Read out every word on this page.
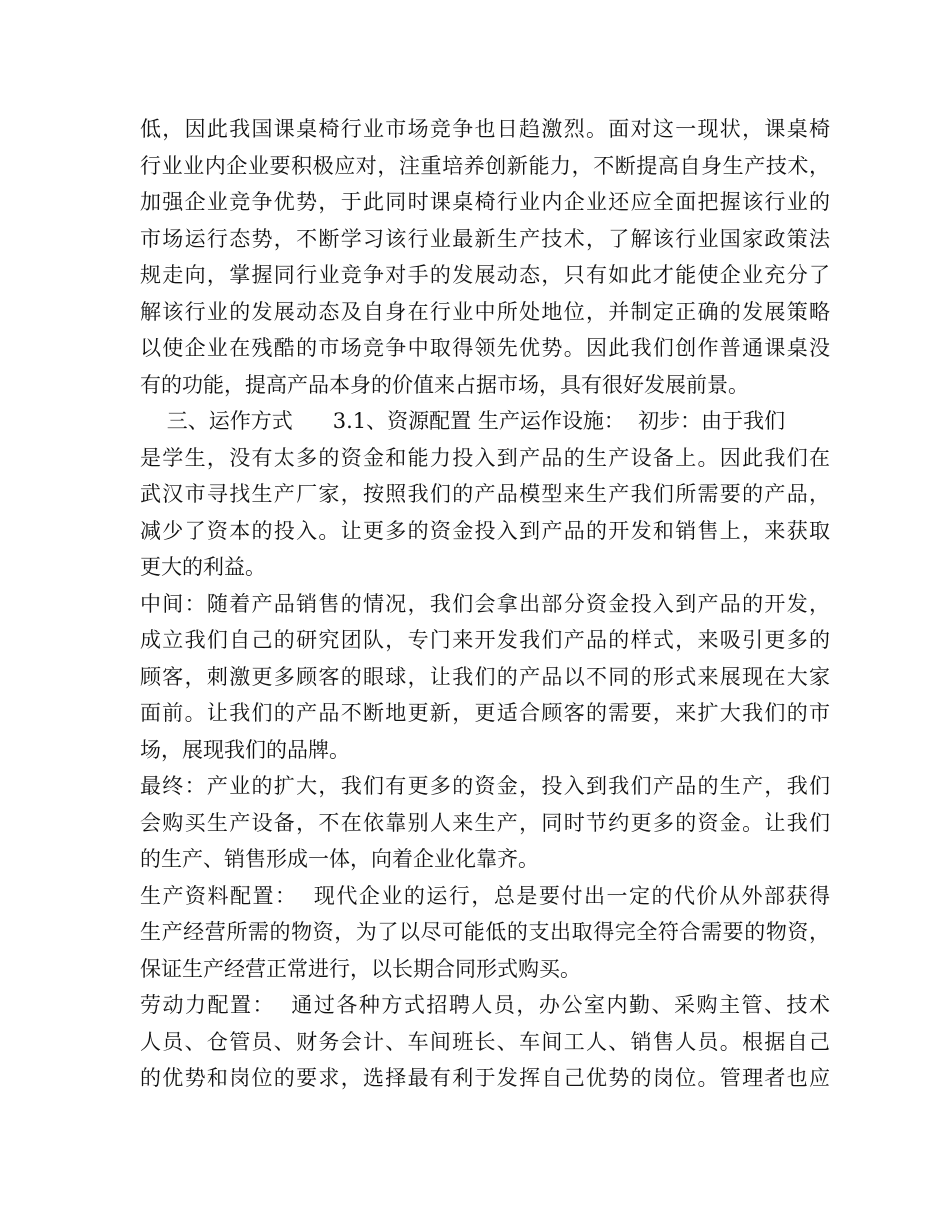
低，因此我国课桌椅行业市场竞争也日趋激烈。面对这一现状，课桌椅
行业业内企业要积极应对，注重培养创新能力，不断提高自身生产技术，
加强企业竞争优势，于此同时课桌椅行业内企业还应全面把握该行业的
市场运行态势，不断学习该行业最新生产技术，了解该行业国家政策法
规走向，掌握同行业竞争对手的发展动态，只有如此才能使企业充分了
解该行业的发展动态及自身在行业中所处地位，并制定正确的发展策略
以使企业在残酷的市场竞争中取得领先优势。因此我们创作普通课桌没
有的功能，提高产品本身的价值来占据市场，具有很好发展前景。
三、运作方式      3.1、资源配置 生产运作设施：  初步：由于我们
是学生，没有太多的资金和能力投入到产品的生产设备上。因此我们在
武汉市寻找生产厂家，按照我们的产品模型来生产我们所需要的产品，
减少了资本的投入。让更多的资金投入到产品的开发和销售上，来获取
更大的利益。
中间：随着产品销售的情况，我们会拿出部分资金投入到产品的开发，
成立我们自己的研究团队，专门来开发我们产品的样式，来吸引更多的
顾客，刺激更多顾客的眼球，让我们的产品以不同的形式来展现在大家
面前。让我们的产品不断地更新，更适合顾客的需要，来扩大我们的市
场，展现我们的品牌。
最终：产业的扩大，我们有更多的资金，投入到我们产品的生产，我们
会购买生产设备，不在依靠别人来生产，同时节约更多的资金。让我们
的生产、销售形成一体，向着企业化靠齐。
生产资料配置：  现代企业的运行，总是要付出一定的代价从外部获得
生产经营所需的物资，为了以尽可能低的支出取得完全符合需要的物资，
保证生产经营正常进行，以长期合同形式购买。
劳动力配置：  通过各种方式招聘人员，办公室内勤、采购主管、技术
人员、仓管员、财务会计、车间班长、车间工人、销售人员。根据自己
的优势和岗位的要求，选择最有利于发挥自己优势的岗位。管理者也应
